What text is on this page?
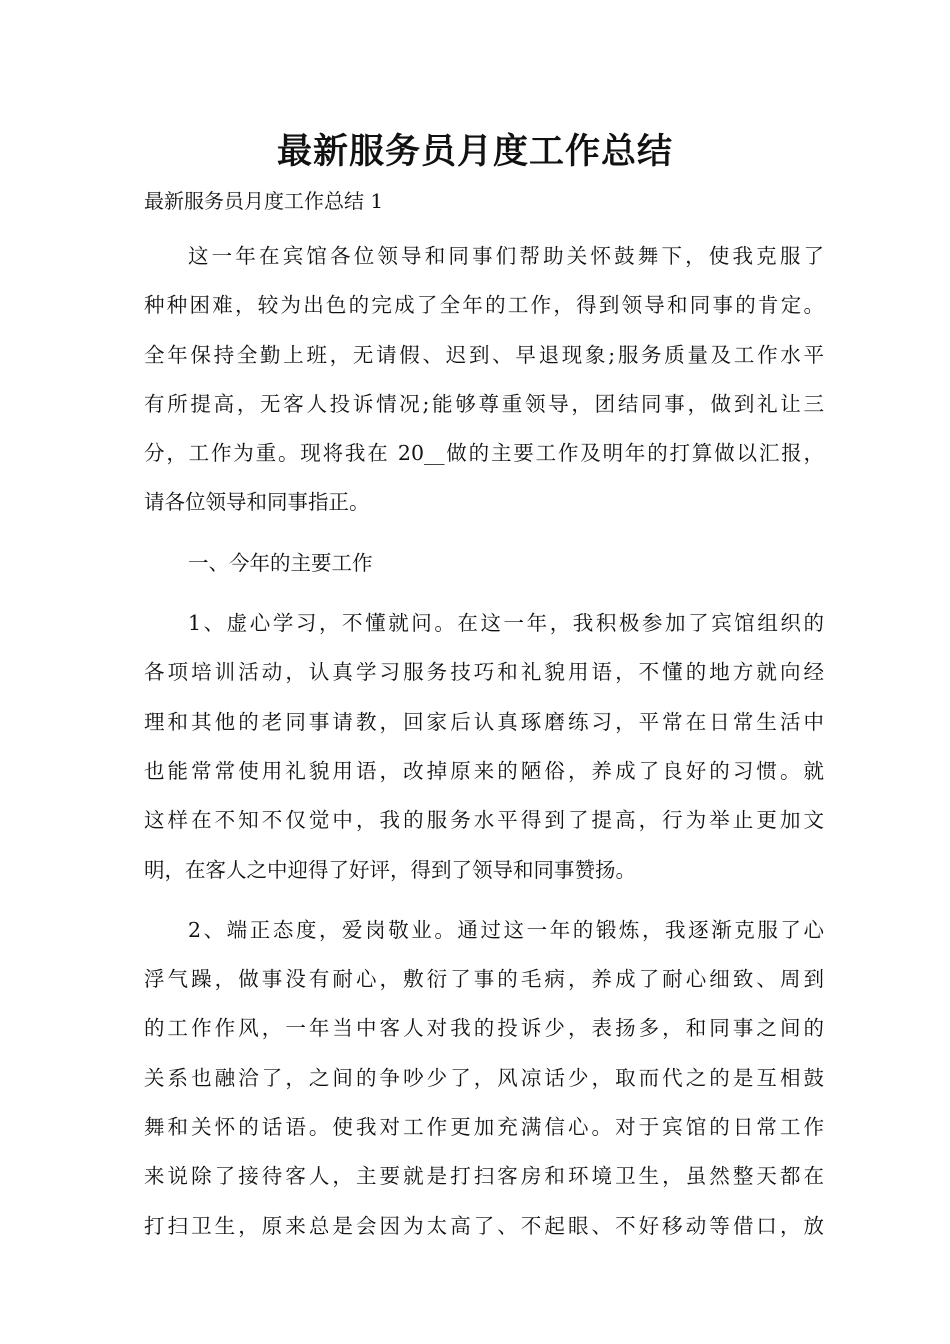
最新服务员月度工作总结

最新服务员月度工作总结 1

这一年在宾馆各位领导和同事们帮助关怀鼓舞下，使我克服了
种种困难，较为出色的完成了全年的工作，得到领导和同事的肯定。
全年保持全勤上班，无请假、迟到、早退现象;服务质量及工作水平
有所提高，无客人投诉情况;能够尊重领导，团结同事，做到礼让三
分，工作为重。现将我在 20__做的主要工作及明年的打算做以汇报，
请各位领导和同事指正。
一、今年的主要工作
1、虚心学习，不懂就问。在这一年，我积极参加了宾馆组织的
各项培训活动，认真学习服务技巧和礼貌用语，不懂的地方就向经
理和其他的老同事请教，回家后认真琢磨练习，平常在日常生活中
也能常常使用礼貌用语，改掉原来的陋俗，养成了良好的习惯。就
这样在不知不仅觉中，我的服务水平得到了提高，行为举止更加文
明，在客人之中迎得了好评，得到了领导和同事赞扬。
2、端正态度，爱岗敬业。通过这一年的锻炼，我逐渐克服了心
浮气躁，做事没有耐心，敷衍了事的毛病，养成了耐心细致、周到
的工作作风，一年当中客人对我的投诉少，表扬多，和同事之间的
关系也融洽了，之间的争吵少了，风凉话少，取而代之的是互相鼓
舞和关怀的话语。使我对工作更加充满信心。对于宾馆的日常工作
来说除了接待客人，主要就是打扫客房和环境卫生，虽然整天都在
打扫卫生，原来总是会因为太高了、不起眼、不好移动等借口，放
